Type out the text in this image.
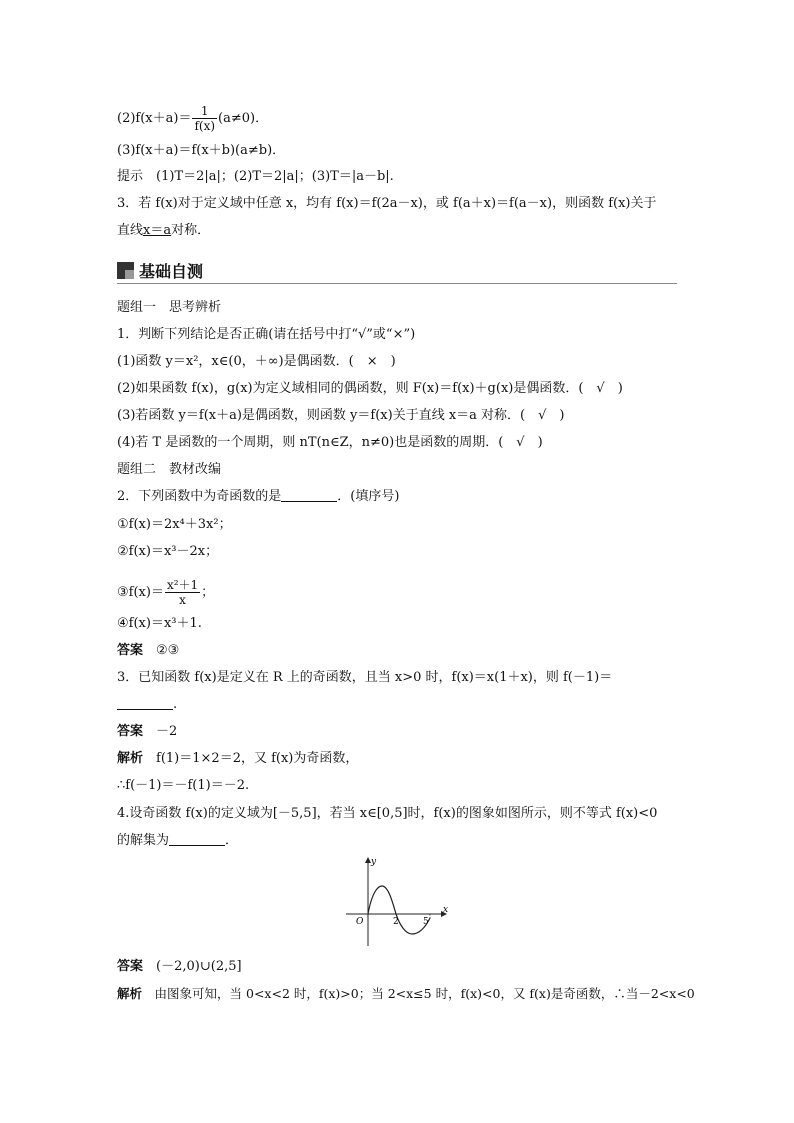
$(2)f(x+a)= \frac{1}{f(x)} (a\ne 0)$．
(3)f(x＋a)＝f(x＋b)(a≠b)．
提示　 (1)T＝2|a|；(2)T＝2|a|；(3)T＝|a－b|.
3．若 f(x)对于定义域中任意 x，均有 f(x)＝f(2a－x)，或 f(a＋x)＝f(a－x)，则函数 f(x)关于
直线x＝a对称．
基础自测
题组一　思考辨析
1．判断下列结论是否正确(请在括号中打“√”或“×”)
(1)函数 y＝x²，x∈(0，＋∞)是偶函数．(　×　)
(2)如果函数 f(x)，g(x)为定义域相同的偶函数，则 F(x)＝f(x)＋g(x)是偶函数．(　√　)
(3)若函数 y＝f(x＋a)是偶函数，则函数 y＝f(x)关于直线 x＝a 对称．(　√　)
(4)若 T 是函数的一个周期，则 nT(n∈Z，n≠0)也是函数的周期．(　√　)
题组二　教材改编
2．下列函数中为奇函数的是	．(填序号)
①f(x)＝2x⁴＋3x²；
②f(x)＝x³－2x；
③f(x)＝ $\frac{\text{x²＋1}}{x}$ ；
④f(x)＝x³＋1.
答案　 ②③
3．已知函数 f(x)是定义在 R 上的奇函数，且当 x>0 时，f(x)＝x(1＋x)，则 f(－1)＝
.
答案　 －2
解析　 f(1)＝1×2＝2，又 f(x)为奇函数，
∴f(－1)＝－f(1)＝－2.
4.设奇函数 f(x)的定义域为[－5,5]，若当 x∈[0,5]时，f(x)的图象如图所示，则不等式 f(x)<0
的解集为	．
y
x
O	2	5
答案　 (－2,0)∪(2,5]
解析　 由图象可知，当 0<x<2 时，f(x)>0；当 2<x≤5 时，f(x)<0，又 f(x)是奇函数，∴当－2<x<0
